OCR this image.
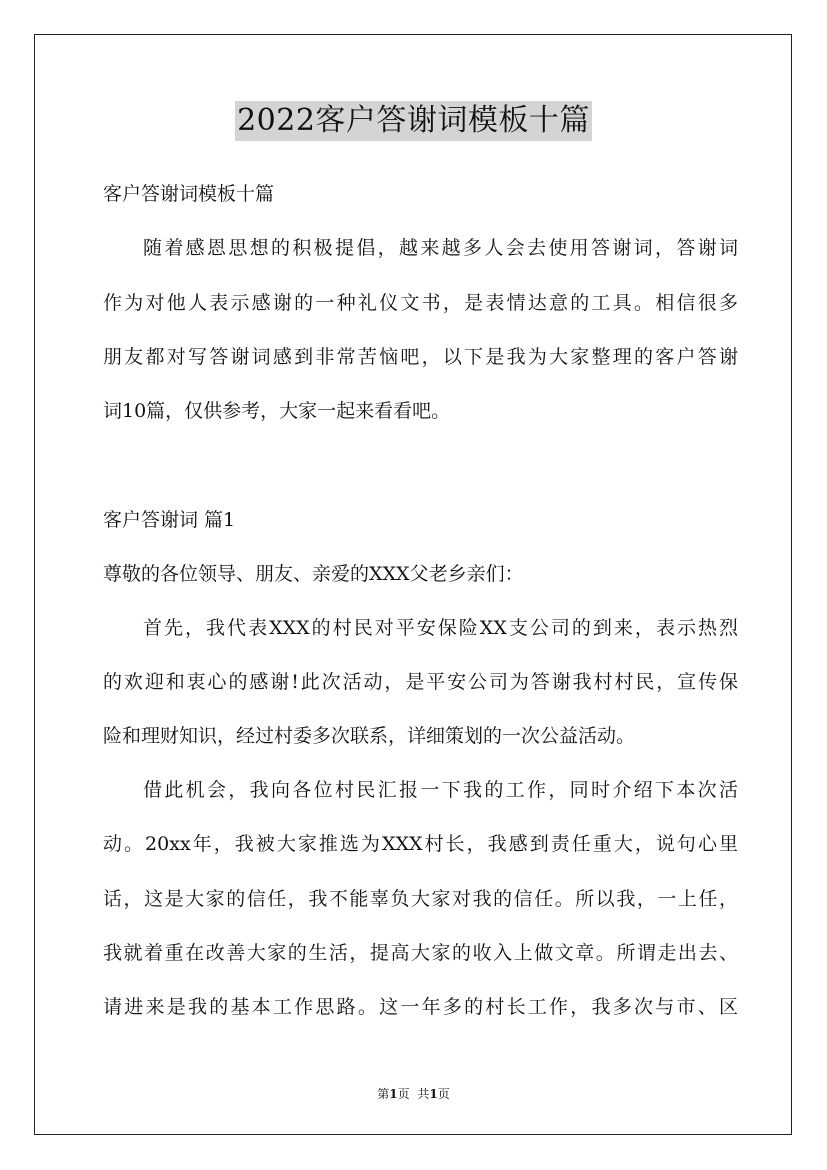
2022客户答谢词模板十篇
客户答谢词模板十篇
随着感恩思想的积极提倡，越来越多人会去使用答谢词，答谢词
作为对他人表示感谢的一种礼仪文书，是表情达意的工具。相信很多
朋友都对写答谢词感到非常苦恼吧，以下是我为大家整理的客户答谢
词10篇，仅供参考，大家一起来看看吧。
客户答谢词 篇1
尊敬的各位领导、朋友、亲爱的XXX父老乡亲们：
首先，我代表XXX的村民对平安保险XX支公司的到来，表示热烈
的欢迎和衷心的感谢!此次活动，是平安公司为答谢我村村民，宣传保
险和理财知识，经过村委多次联系，详细策划的一次公益活动。
借此机会，我向各位村民汇报一下我的工作，同时介绍下本次活
动。20xx年，我被大家推选为XXX村长，我感到责任重大，说句心里
话，这是大家的信任，我不能辜负大家对我的信任。所以我，一上任，
我就着重在改善大家的生活，提高大家的收入上做文章。所谓走出去、
请进来是我的基本工作思路。这一年多的村长工作，我多次与市、区
第1页 共1页
